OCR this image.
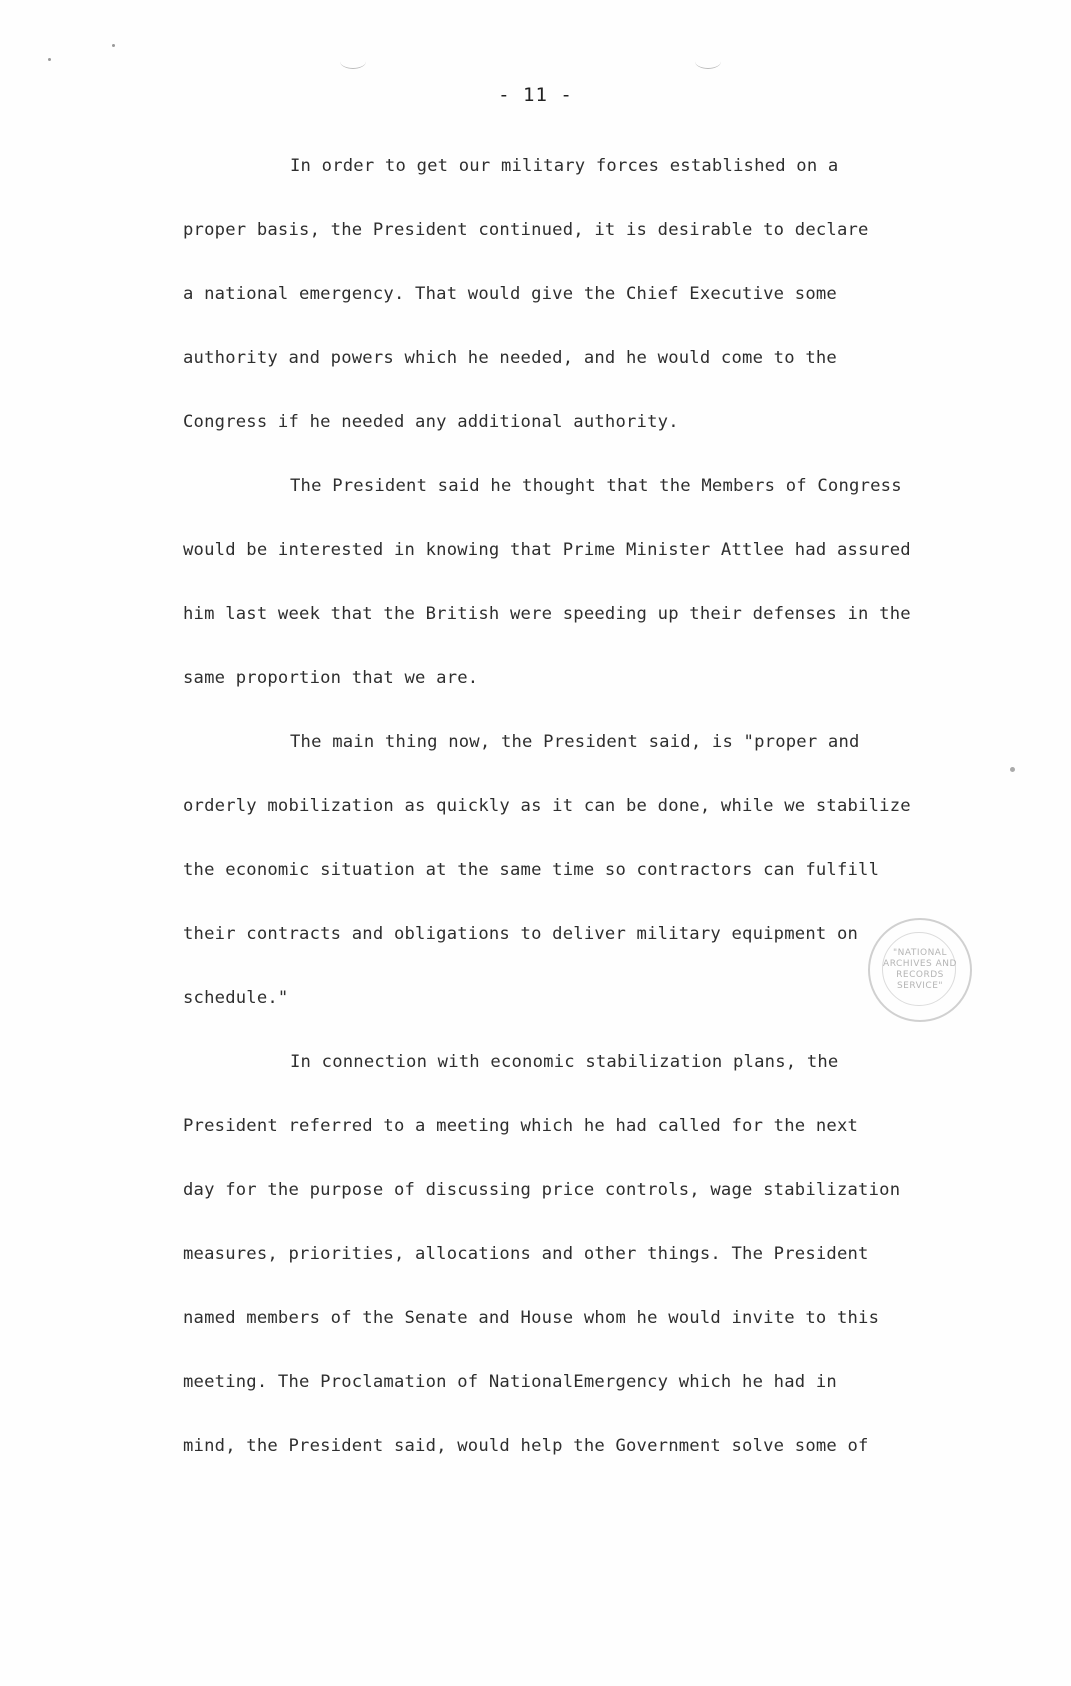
- 11 -
In order to get our military forces established on a
proper basis, the President continued, it is desirable to declare
a national emergency. That would give the Chief Executive some
authority and powers which he needed, and he would come to the
Congress if he needed any additional authority.
The President said he thought that the Members of Congress
would be interested in knowing that Prime Minister Attlee had assured
him last week that the British were speeding up their defenses in the
same proportion that we are.
The main thing now, the President said, is "proper and
orderly mobilization as quickly as it can be done, while we stabilize
the economic situation at the same time so contractors can fulfill
their contracts and obligations to deliver military equipment on
schedule."
In connection with economic stabilization plans, the
President referred to a meeting which he had called for the next
day for the purpose of discussing price controls, wage stabilization
measures, priorities, allocations and other things. The President
named members of the Senate and House whom he would invite to this
meeting. The Proclamation of NationalEmergency which he had in
mind, the President said, would help the Government solve some of
"NATIONAL
ARCHIVES AND
RECORDS
SERVICE"
